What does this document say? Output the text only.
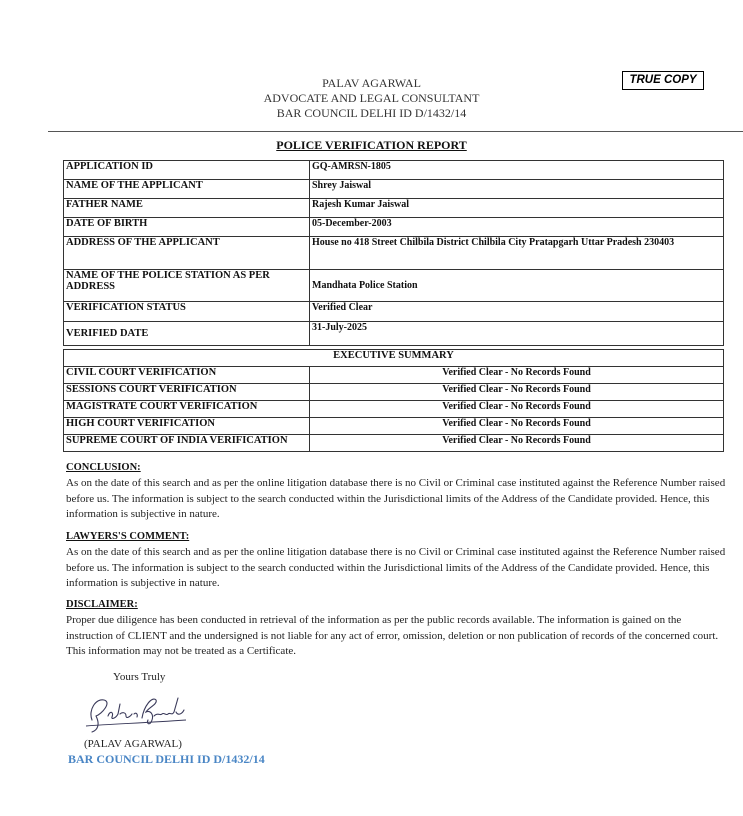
PALAV AGARWAL
ADVOCATE AND LEGAL CONSULTANT
BAR COUNCIL DELHI ID D/1432/14
TRUE COPY
POLICE VERIFICATION REPORT
APPLICATION ID	GQ-AMRSN-1805
NAME OF THE APPLICANT	Shrey Jaiswal
FATHER NAME	Rajesh Kumar Jaiswal
DATE OF BIRTH	05-December-2003
ADDRESS OF THE APPLICANT	House no 418 Street Chilbila District Chilbila City Pratapgarh Uttar Pradesh 230403
NAME OF THE POLICE STATION AS PER ADDRESS	Mandhata Police Station
VERIFICATION STATUS	Verified Clear
VERIFIED DATE	31-July-2025
EXECUTIVE SUMMARY	
CIVIL COURT VERIFICATION	Verified Clear - No Records Found
SESSIONS COURT VERIFICATION	Verified Clear - No Records Found
MAGISTRATE COURT VERIFICATION	Verified Clear - No Records Found
HIGH COURT VERIFICATION	Verified Clear - No Records Found
SUPREME COURT OF INDIA VERIFICATION	Verified Clear - No Records Found
CONCLUSION:
As on the date of this search and as per the online litigation database there is no Civil or Criminal case instituted against the Reference Number raised before us. The information is subject to the search conducted within the Jurisdictional limits of the Address of the Candidate provided. Hence, this information is subjective in nature.
LAWYERS'S COMMENT:
As on the date of this search and as per the online litigation database there is no Civil or Criminal case instituted against the Reference Number raised before us. The information is subject to the search conducted within the Jurisdictional limits of the Address of the Candidate provided. Hence, this information is subjective in nature.
DISCLAIMER:
Proper due diligence has been conducted in retrieval of the information as per the public records available. The information is gained on the instruction of CLIENT and the undersigned is not liable for any act of error, omission, deletion or non publication of records of the concerned court. This information may not be treated as a Certificate.
Yours Truly
(PALAV AGARWAL)
BAR COUNCIL DELHI ID D/1432/14
